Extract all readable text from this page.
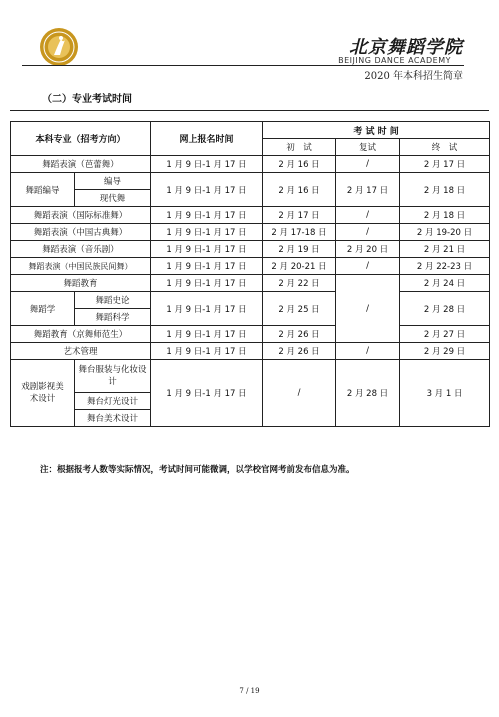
北京舞蹈学院
BEIJING DANCE ACADEMY
2020 年本科招生简章
（二）专业考试时间
本科专业（招考方向）		网上报名时间	考 试 时 间		
			初　试	复试	终　试
舞蹈表演（芭蕾舞）		1 月 9 日-1 月 17 日	2 月 16 日	/	2 月 17 日
舞蹈编导	编导	1 月 9 日-1 月 17 日	2 月 16 日	2 月 17 日	2 月 18 日
	现代舞				
舞蹈表演（国际标准舞）		1 月 9 日-1 月 17 日	2 月 17 日	/	2 月 18 日
舞蹈表演（中国古典舞）		1 月 9 日-1 月 17 日	2 月 17-18 日	/	2 月 19-20 日
舞蹈表演（音乐剧）		1 月 9 日-1 月 17 日	2 月 19 日	2 月 20 日	2 月 21 日
舞蹈表演（中国民族民间舞）		1 月 9 日-1 月 17 日	2 月 20-21 日	/	2 月 22-23 日
舞蹈教育		1 月 9 日-1 月 17 日	2 月 22 日	/	2 月 24 日
舞蹈学	舞蹈史论	1 月 9 日-1 月 17 日	2 月 25 日		2 月 28 日
	舞蹈科学				
舞蹈教育（京舞师范生）		1 月 9 日-1 月 17 日	2 月 26 日		2 月 27 日
艺术管理		1 月 9 日-1 月 17 日	2 月 26 日	/	2 月 29 日
戏剧影视美术设计	舞台服装与化妆设计	1 月 9 日-1 月 17 日	/	2 月 28 日	3 月 1 日
	舞台灯光设计				
	舞台美术设计				
注：根据报考人数等实际情况，考试时间可能微调，以学校官网考前发布信息为准。
7 / 19
